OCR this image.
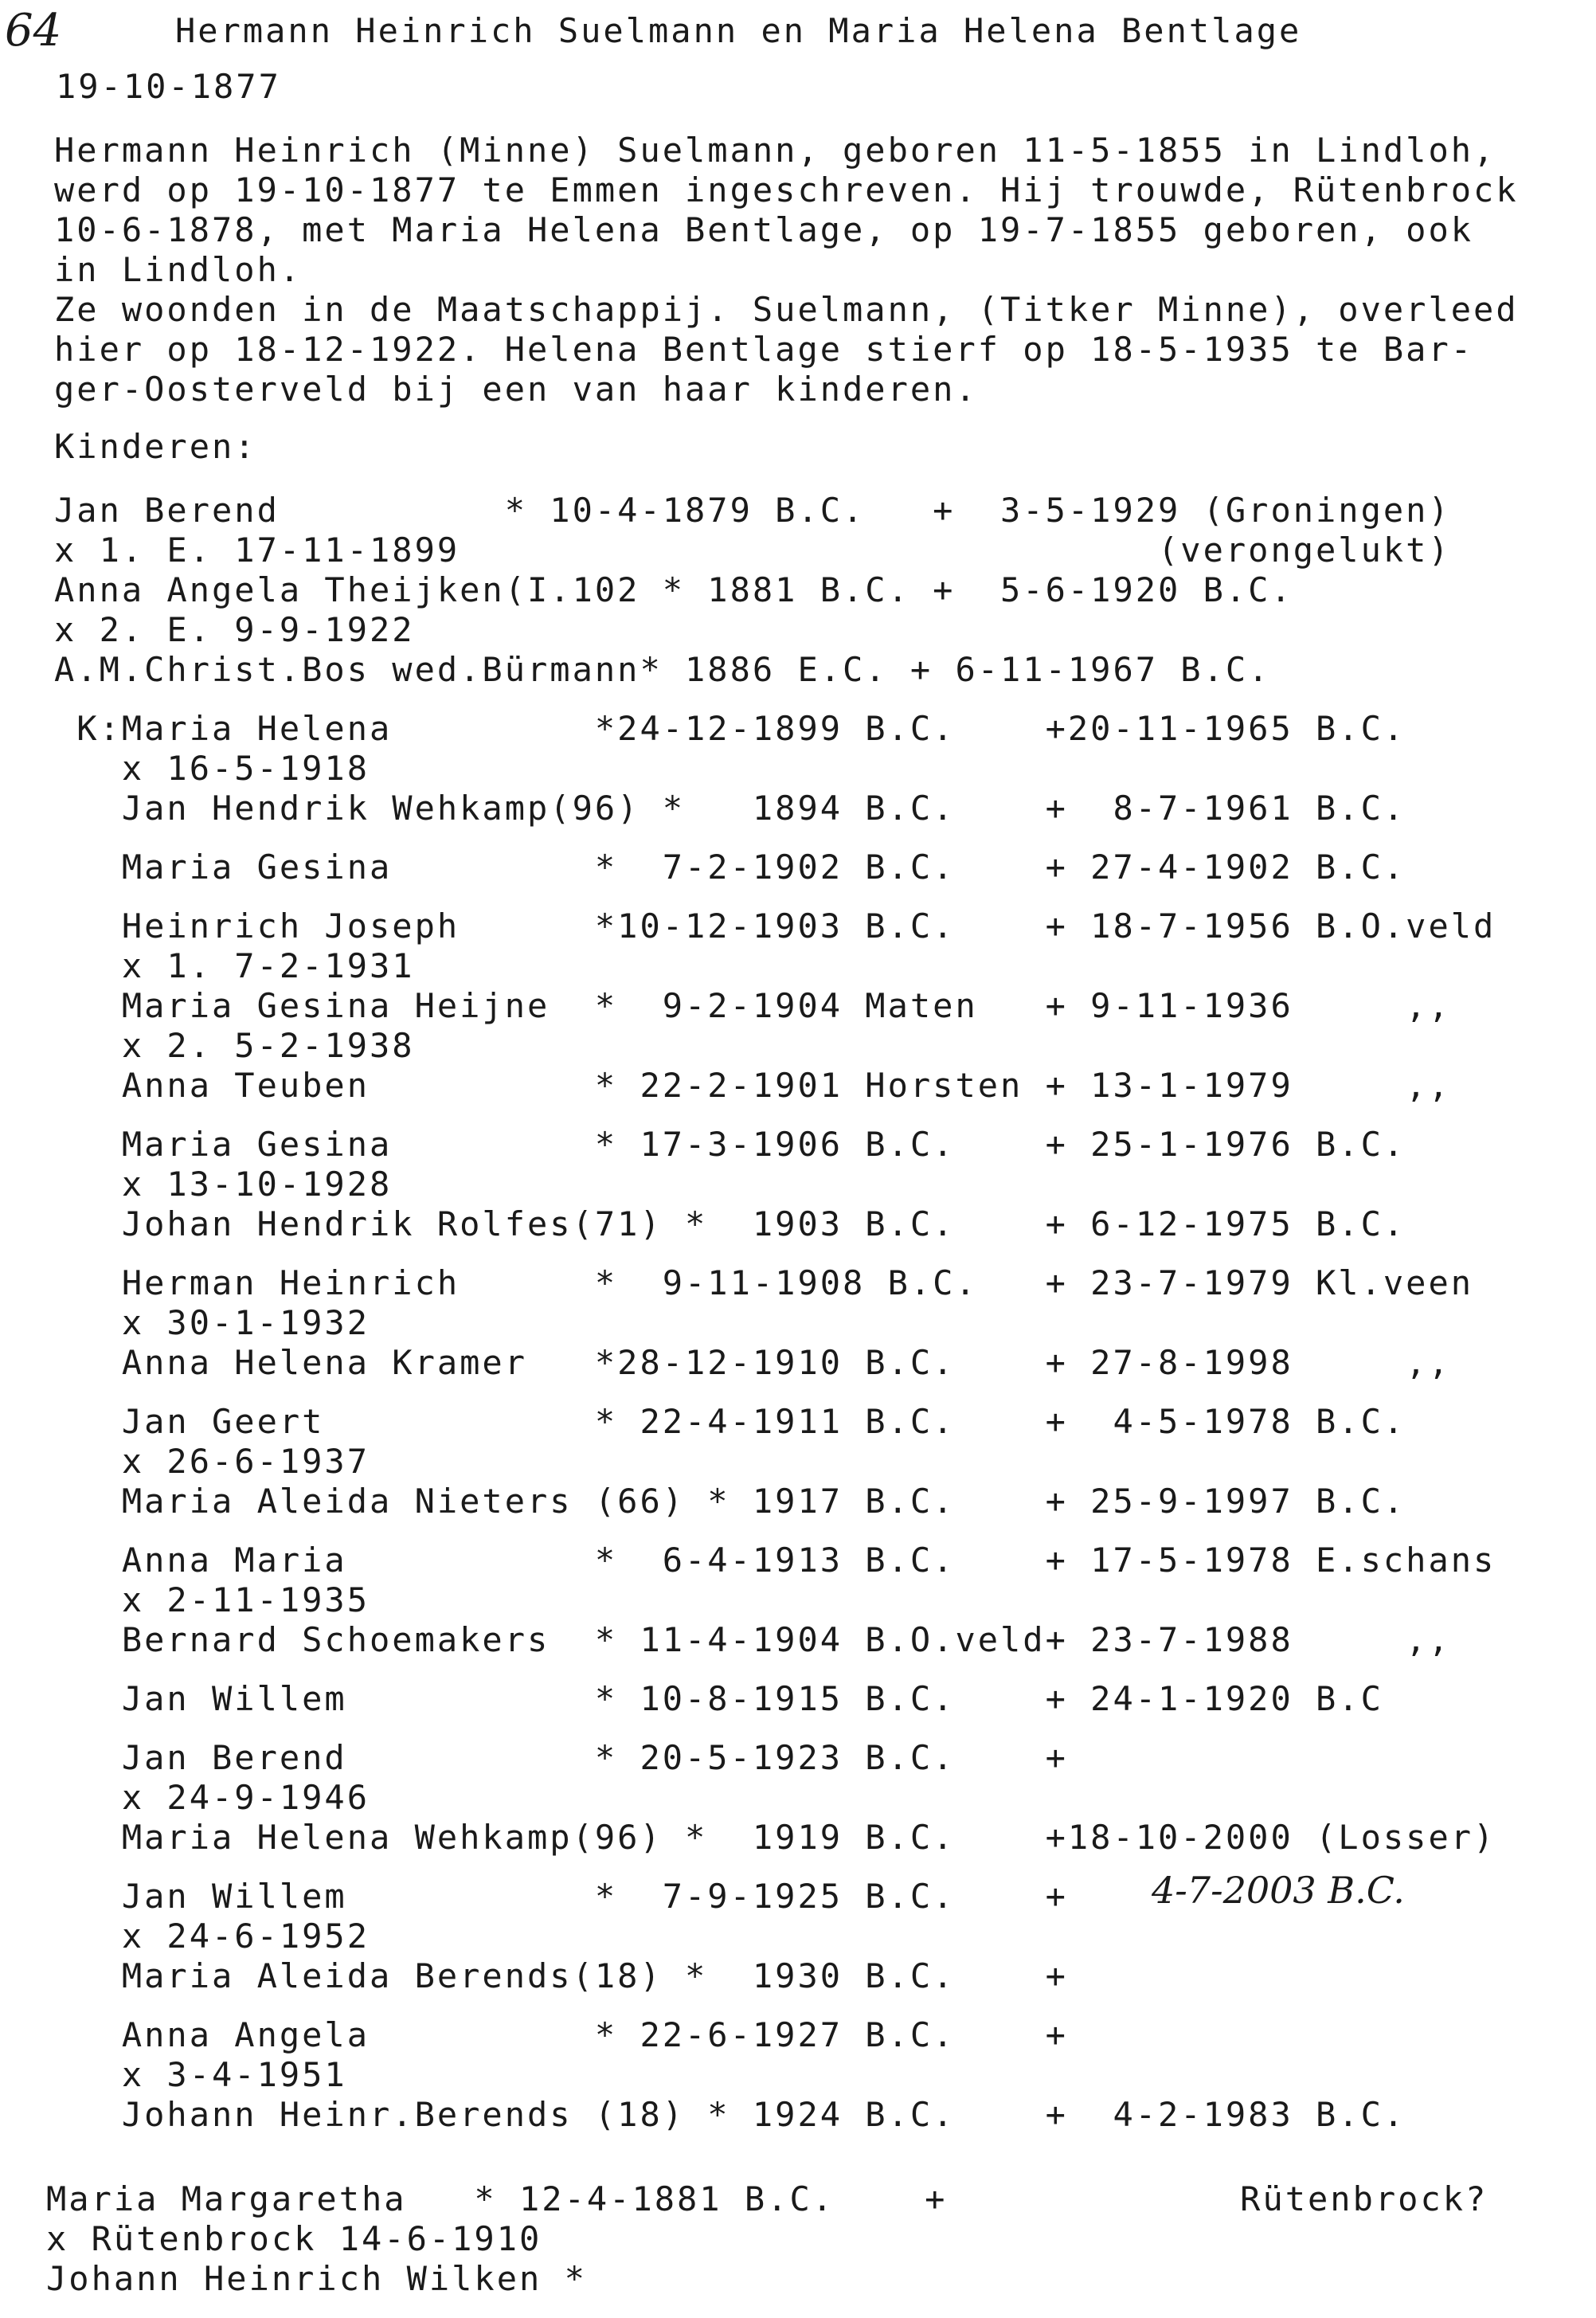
64	Hermann Heinrich Suelmann en Maria Helena Bentlage
19-10-1877
Hermann Heinrich (Minne) Suelmann, geboren 11-5-1855 in Lindloh,
werd op 19-10-1877 te Emmen ingeschreven. Hij trouwde, Rütenbrock
10-6-1878, met Maria Helena Bentlage, op 19-7-1855 geboren, ook
in Lindloh.
Ze woonden in de Maatschappij. Suelmann, (Titker Minne), overleed
hier op 18-12-1922. Helena Bentlage stierf op 18-5-1935 te Bar-
ger-Oosterveld bij een van haar kinderen.
Kinderen:
Jan Berend          * 10-4-1879 B.C.   +  3-5-1929 (Groningen)
x 1. E. 17-11-1899                               (verongelukt)
Anna Angela Theijken(I.102 * 1881 B.C. +  5-6-1920 B.C.
x 2. E. 9-9-1922
A.M.Christ.Bos wed.Bürmann* 1886 E.C. + 6-11-1967 B.C.
K:Maria Helena         *24-12-1899 B.C.    +20-11-1965 B.C.
x 16-5-1918
Jan Hendrik Wehkamp(96) *   1894 B.C.    +  8-7-1961 B.C.
Maria Gesina         *  7-2-1902 B.C.    + 27-4-1902 B.C.
Heinrich Joseph      *10-12-1903 B.C.    + 18-7-1956 B.O.veld
x 1. 7-2-1931
Maria Gesina Heijne  *  9-2-1904 Maten   + 9-11-1936     ,,
x 2. 5-2-1938
Anna Teuben          * 22-2-1901 Horsten + 13-1-1979     ,,
Maria Gesina         * 17-3-1906 B.C.    + 25-1-1976 B.C.
x 13-10-1928
Johan Hendrik Rolfes(71) *  1903 B.C.    + 6-12-1975 B.C.
Herman Heinrich      *  9-11-1908 B.C.   + 23-7-1979 Kl.veen
x 30-1-1932
Anna Helena Kramer   *28-12-1910 B.C.    + 27-8-1998     ,,
Jan Geert            * 22-4-1911 B.C.    +  4-5-1978 B.C.
x 26-6-1937
Maria Aleida Nieters (66) * 1917 B.C.    + 25-9-1997 B.C.
Anna Maria           *  6-4-1913 B.C.    + 17-5-1978 E.schans
x 2-11-1935
Bernard Schoemakers  * 11-4-1904 B.O.veld+ 23-7-1988     ,,
Jan Willem           * 10-8-1915 B.C.    + 24-1-1920 B.C
Jan Berend           * 20-5-1923 B.C.    +
x 24-9-1946
Maria Helena Wehkamp(96) *  1919 B.C.    +18-10-2000 (Losser)
Jan Willem           *  7-9-1925 B.C.    +
x 24-6-1952
Maria Aleida Berends(18) *  1930 B.C.    +
Anna Angela          * 22-6-1927 B.C.    +
x 3-4-1951
Johann Heinr.Berends (18) * 1924 B.C.    +  4-2-1983 B.C.
Maria Margaretha   * 12-4-1881 B.C.    +             Rütenbrock?
x Rütenbrock 14-6-1910
Johann Heinrich Wilken *
4-7-2003 B.C.
